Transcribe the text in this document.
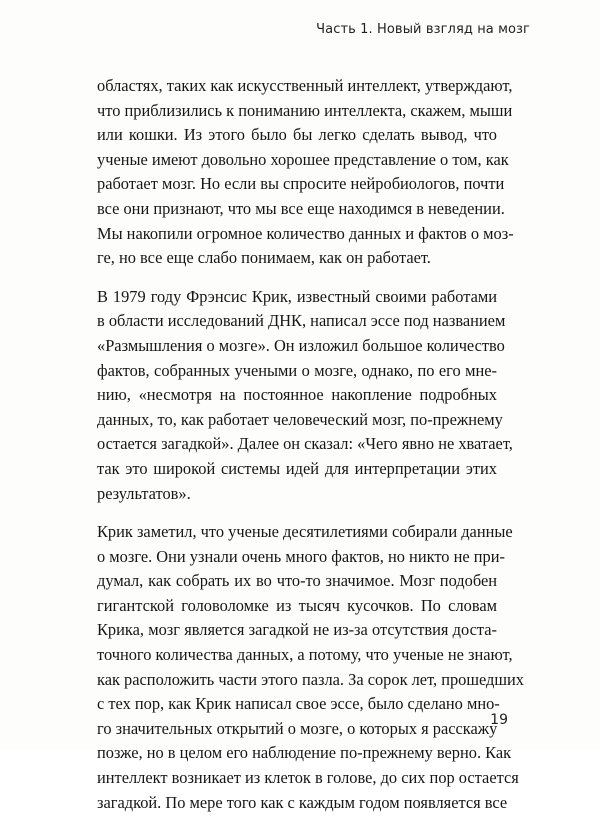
Часть 1. Новый взгляд на мозг

областях, таких как искусственный интеллект, утверждают,
что приблизились к пониманию интеллекта, скажем, мыши
или кошки. Из этого было бы легко сделать вывод, что
ученые имеют довольно хорошее представление о том, как
работает мозг. Но если вы спросите нейробиологов, почти
все они признают, что мы все еще находимся в неведении.
Мы накопили огромное количество данных и фактов о моз-
ге, но все еще слабо понимаем, как он работает.

В 1979 году Фрэнсис Крик, известный своими работами
в области исследований ДНК, написал эссе под названием
«Размышления о мозге». Он изложил большое количество
фактов, собранных учеными о мозге, однако, по его мне-
нию, «несмотря на постоянное накопление подробных
данных, то, как работает человеческий мозг, по-прежнему
остается загадкой». Далее он сказал: «Чего явно не хватает,
так это широкой системы идей для интерпретации этих
результатов».

Крик заметил, что ученые десятилетиями собирали данные
о мозге. Они узнали очень много фактов, но никто не при-
думал, как собрать их во что-то значимое. Мозг подобен
гигантской головоломке из тысяч кусочков. По словам
Крика, мозг является загадкой не из-за отсутствия доста-
точного количества данных, а потому, что ученые не знают,
как расположить части этого пазла. За сорок лет, прошедших
с тех пор, как Крик написал свое эссе, было сделано мно-
го значительных открытий о мозге, о которых я расскажу
позже, но в целом его наблюдение по-прежнему верно. Как
интеллект возникает из клеток в голове, до сих пор остается
загадкой. По мере того как с каждым годом появляется все

19
